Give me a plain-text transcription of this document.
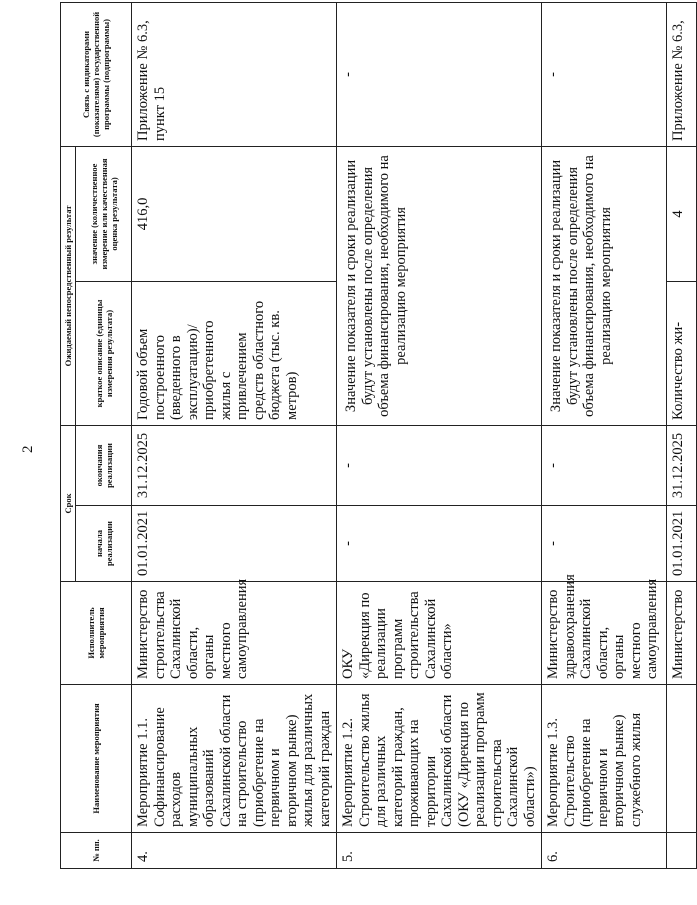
2
№ пп.	Наименование мероприятия	Исполнитель мероприятия	Срок		Ожидаемый непосредственный результат		Связь с индикаторами (показателями) государственной программы (подпрограммы)
			начала реализации	окончания реализации	краткое описание (единицы измерения результата)	значение (количественное измерение или качественная оценка результата)	
4.	Мероприятие 1.1. Софинансирование расходов муниципальных образований Сахалинской области на строительство (приобретение на первичном и вторичном рынке) жилья для различных категорий граждан	Министерство строительства Сахалинской области, органы местного самоуправления	01.01.2021	31.12.2025	Годовой объем построенного (введенного в эксплуатацию)/ приобретенного жилья с привлечением средств областного бюджета (тыс. кв. метров)	416,0	Приложение № 6.3, пункт 15
5.	Мероприятие 1.2. Строительство жилья для различных категорий граждан, проживающих на территории Сахалинской области (ОКУ «Дирекция по реализации программ строительства Сахалинской области»)	ОКУ «Дирекция по реализации программ строительства Сахалинской области»	-	-	Значение показателя и сроки реализации будут установлены после определения объема финансирования, необходимого на реализацию мероприятия		-
6.	Мероприятие 1.3. Строительство (приобретение на первичном и вторичном рынке) служебного жилья	Министерство здравоохранения Сахалинской области, органы местного самоуправления	-	-	Значение показателя и сроки реализации будут установлены после определения объема финансирования, необходимого на реализацию мероприятия		-
		Министерство	01.01.2021	31.12.2025	Количество жи-	4	Приложение № 6.3,
